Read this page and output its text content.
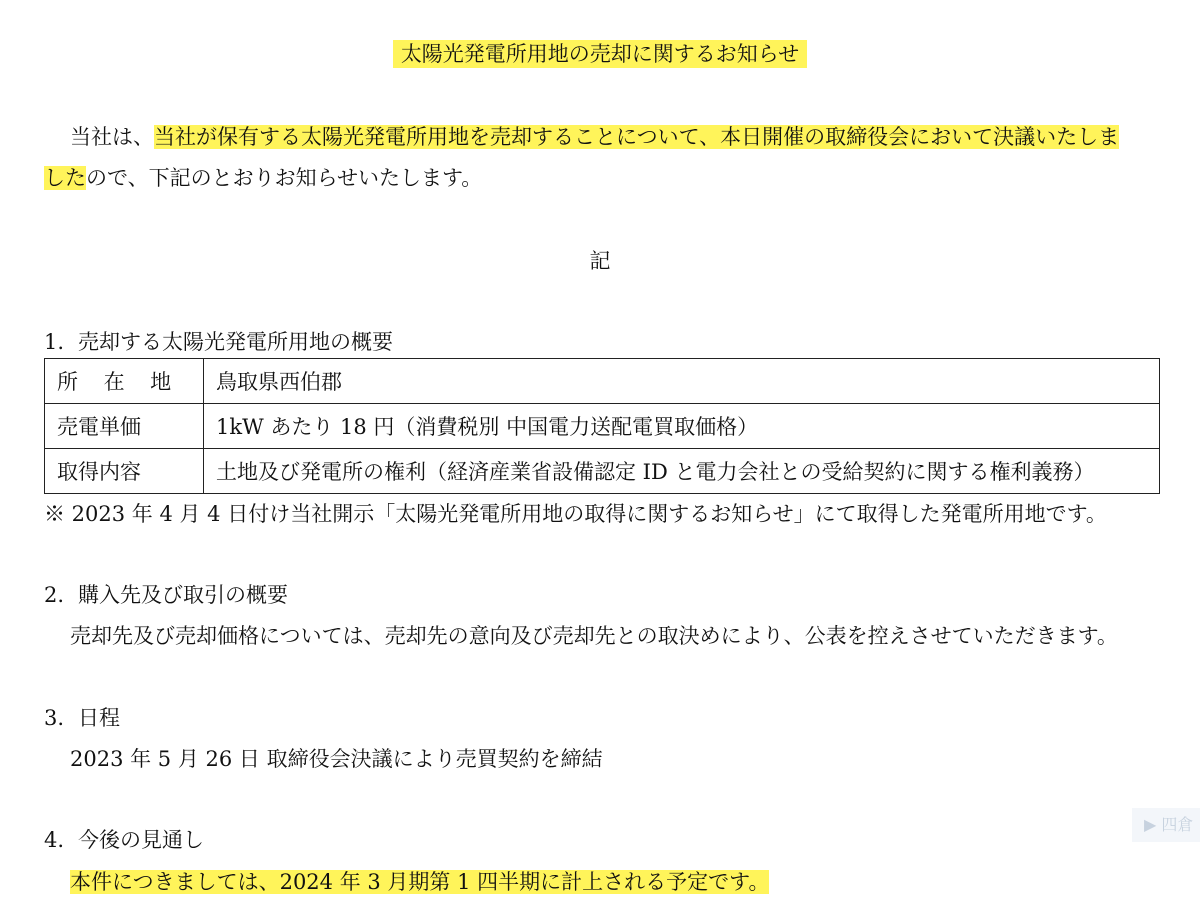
太陽光発電所用地の売却に関するお知らせ
当社は、当社が保有する太陽光発電所用地を売却することについて、本日開催の取締役会において決議いたしま
したので、下記のとおりお知らせいたします。
記
1. 売却する太陽光発電所用地の概要
所 在 地	鳥取県西伯郡
売電単価	1kW あたり 18 円（消費税別 中国電力送配電買取価格）
取得内容	土地及び発電所の権利（経済産業省設備認定 ID と電力会社との受給契約に関する権利義務）
※ 2023 年 4 月 4 日付け当社開示「太陽光発電所用地の取得に関するお知らせ」にて取得した発電所用地です。
2. 購入先及び取引の概要
売却先及び売却価格については、売却先の意向及び売却先との取決めにより、公表を控えさせていただきます。
3. 日程
2023 年 5 月 26 日 取締役会決議により売買契約を締結
4. 今後の見通し
本件につきましては、2024 年 3 月期第 1 四半期に計上される予定です。
▶ 四倉
